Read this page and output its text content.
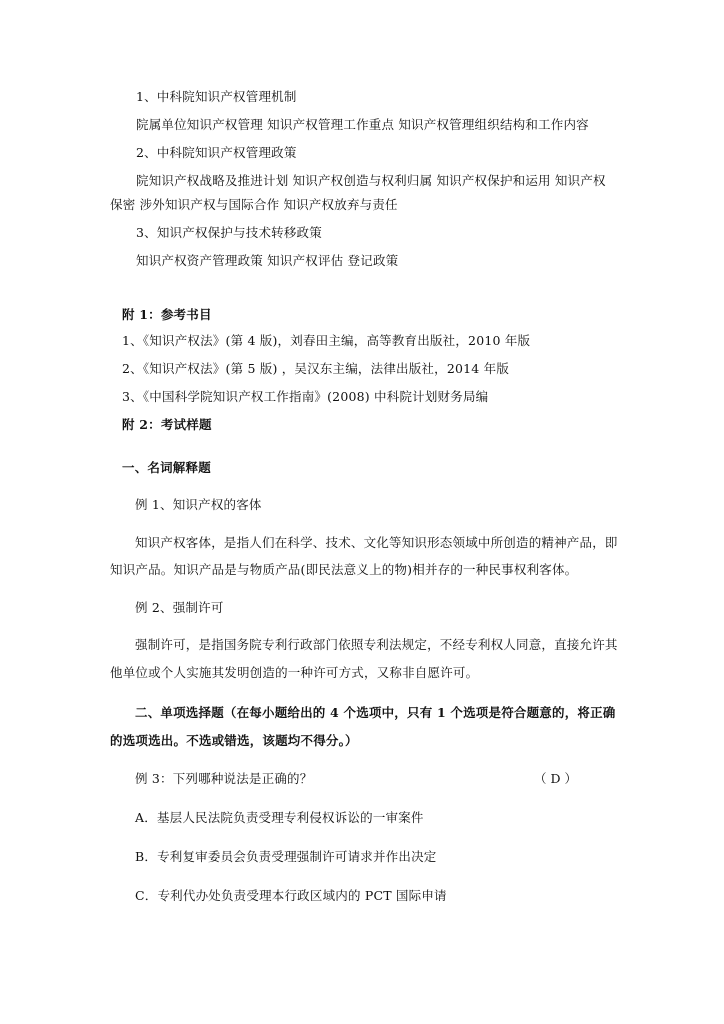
1、中科院知识产权管理机制
院属单位知识产权管理 知识产权管理工作重点 知识产权管理组织结构和工作内容
2、中科院知识产权管理政策
院知识产权战略及推进计划 知识产权创造与权利归属 知识产权保护和运用 知识产权
保密 涉外知识产权与国际合作 知识产权放弃与责任
3、知识产权保护与技术转移政策
知识产权资产管理政策 知识产权评估 登记政策
附 1：参考书目
1、《知识产权法》(第 4 版)，刘春田主编，高等教育出版社，2010 年版
2、《知识产权法》(第 5 版) ，吴汉东主编，法律出版社，2014 年版
3、《中国科学院知识产权工作指南》(2008) 中科院计划财务局编
附 2：考试样题
一、名词解释题
例 1、知识产权的客体
知识产权客体，是指人们在科学、技术、文化等知识形态领域中所创造的精神产品，即
知识产品。知识产品是与物质产品(即民法意义上的物)相并存的一种民事权利客体。
例 2、强制许可
强制许可，是指国务院专利行政部门依照专利法规定，不经专利权人同意，直接允许其
他单位或个人实施其发明创造的一种许可方式，又称非自愿许可。
二、单项选择题（在每小题给出的 4 个选项中，只有 1 个选项是符合题意的，将正确
的选项选出。不选或错选，该题均不得分。）
例 3：下列哪种说法是正确的？	（ D ）
A．基层人民法院负责受理专利侵权诉讼的一审案件
B．专利复审委员会负责受理强制许可请求并作出决定
C．专利代办处负责受理本行政区域内的 PCT 国际申请
